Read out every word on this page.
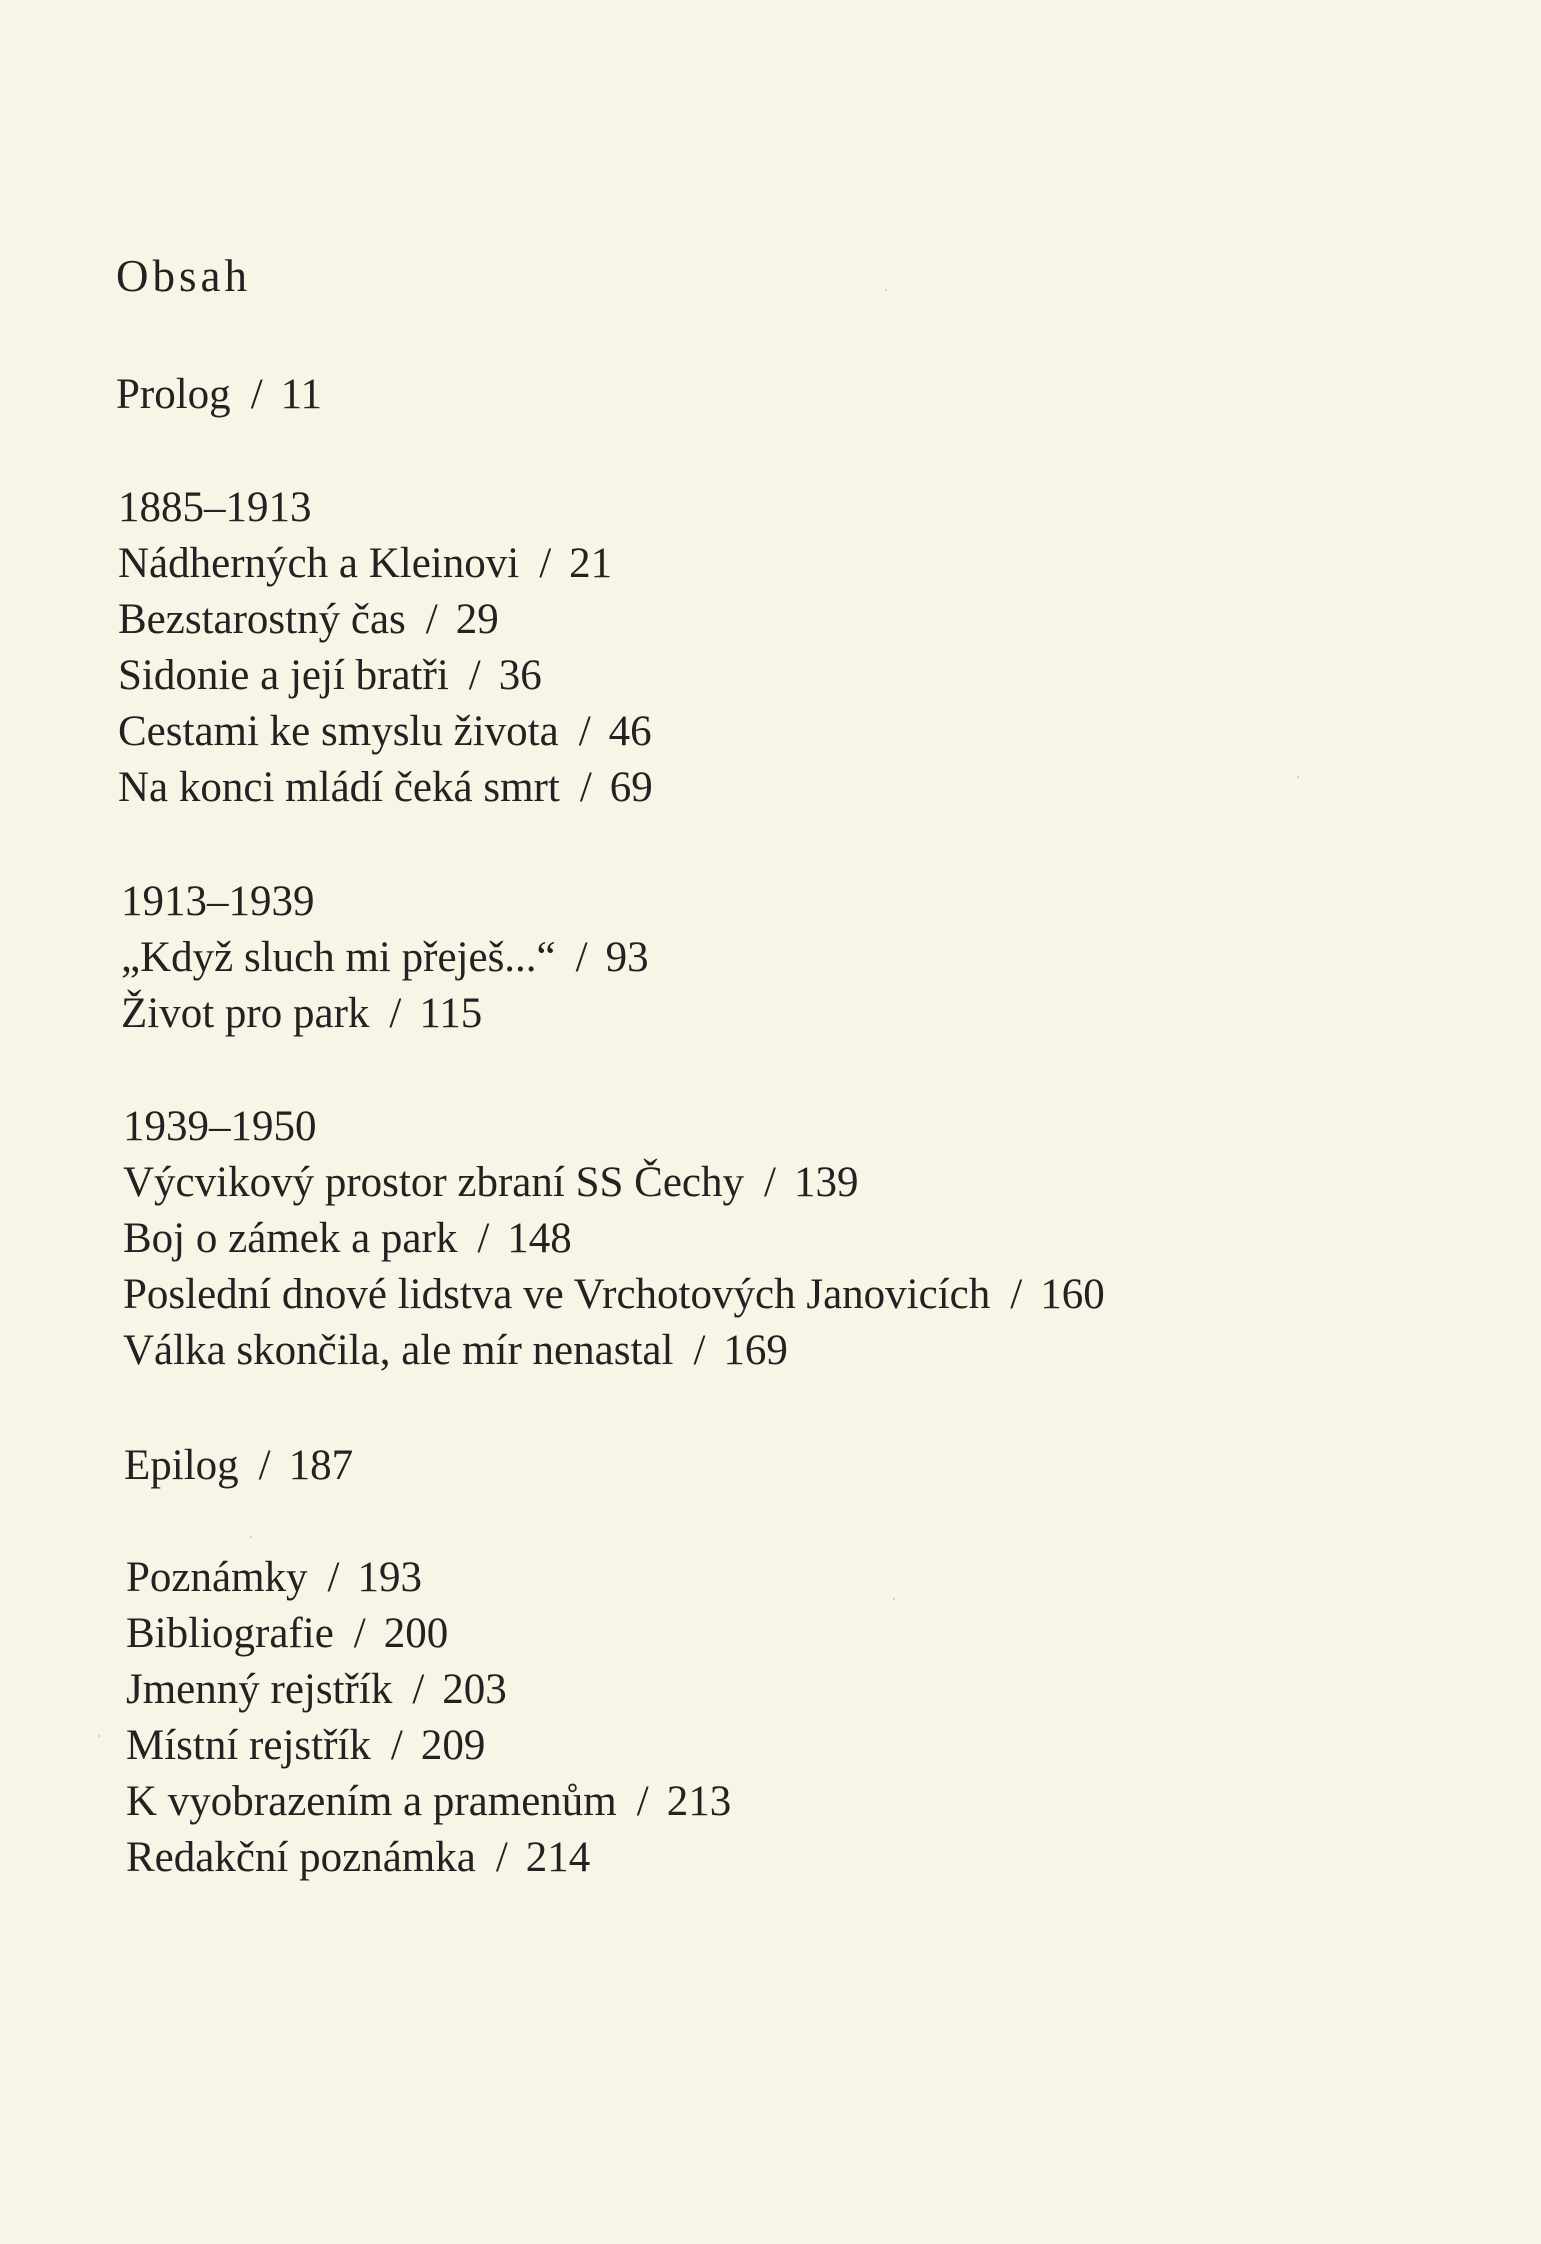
Obsah
Prolog / 11
1885–1913
Nádherných a Kleinovi / 21
Bezstarostný čas / 29
Sidonie a její bratři / 36
Cestami ke smyslu života / 46
Na konci mládí čeká smrt / 69
1913–1939
„Když sluch mi přeješ...“ / 93
Život pro park / 115
1939–1950
Výcvikový prostor zbraní SS Čechy / 139
Boj o zámek a park / 148
Poslední dnové lidstva ve Vrchotových Janovicích / 160
Válka skončila, ale mír nenastal / 169
Epilog / 187
Poznámky / 193
Bibliografie / 200
Jmenný rejstřík / 203
Místní rejstřík / 209
K vyobrazením a pramenům / 213
Redakční poznámka / 214
